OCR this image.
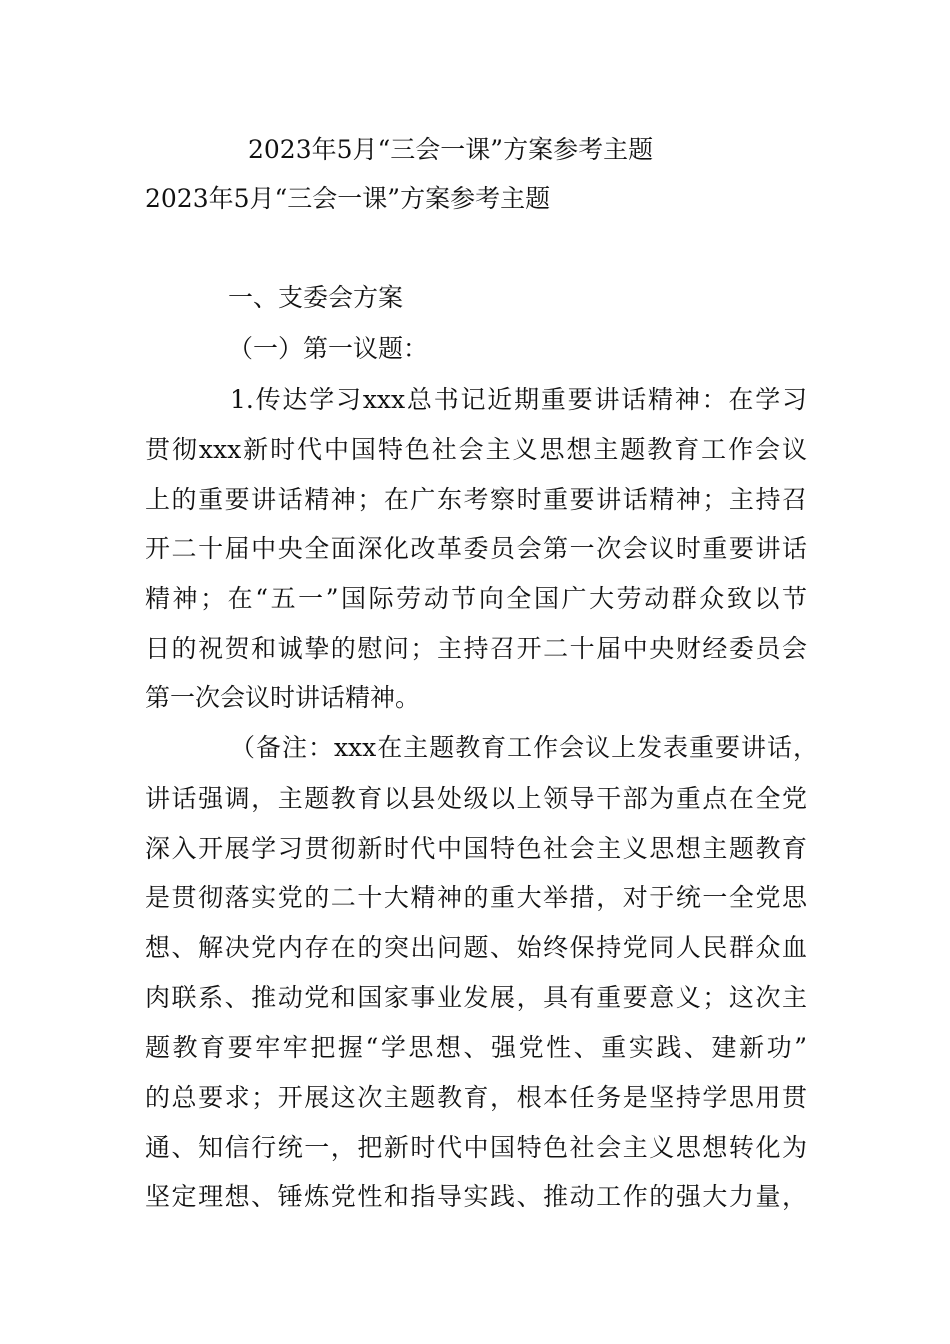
2023年5月“三会一课”方案参考主题
2023年5月“三会一课”方案参考主题
一、支委会方案
（一）第一议题：
1.传达学习xxx总书记近期重要讲话精神：在学习
贯彻xxx新时代中国特色社会主义思想主题教育工作会议
上的重要讲话精神；在广东考察时重要讲话精神；主持召
开二十届中央全面深化改革委员会第一次会议时重要讲话
精神；在“五一”国际劳动节向全国广大劳动群众致以节
日的祝贺和诚挚的慰问；主持召开二十届中央财经委员会
第一次会议时讲话精神。
（备注：xxx在主题教育工作会议上发表重要讲话，
讲话强调，主题教育以县处级以上领导干部为重点在全党
深入开展学习贯彻新时代中国特色社会主义思想主题教育
是贯彻落实党的二十大精神的重大举措，对于统一全党思
想、解决党内存在的突出问题、始终保持党同人民群众血
肉联系、推动党和国家事业发展，具有重要意义；这次主
题教育要牢牢把握“学思想、强党性、重实践、建新功”
的总要求；开展这次主题教育，根本任务是坚持学思用贯
通、知信行统一，把新时代中国特色社会主义思想转化为
坚定理想、锤炼党性和指导实践、推动工作的强大力量，
